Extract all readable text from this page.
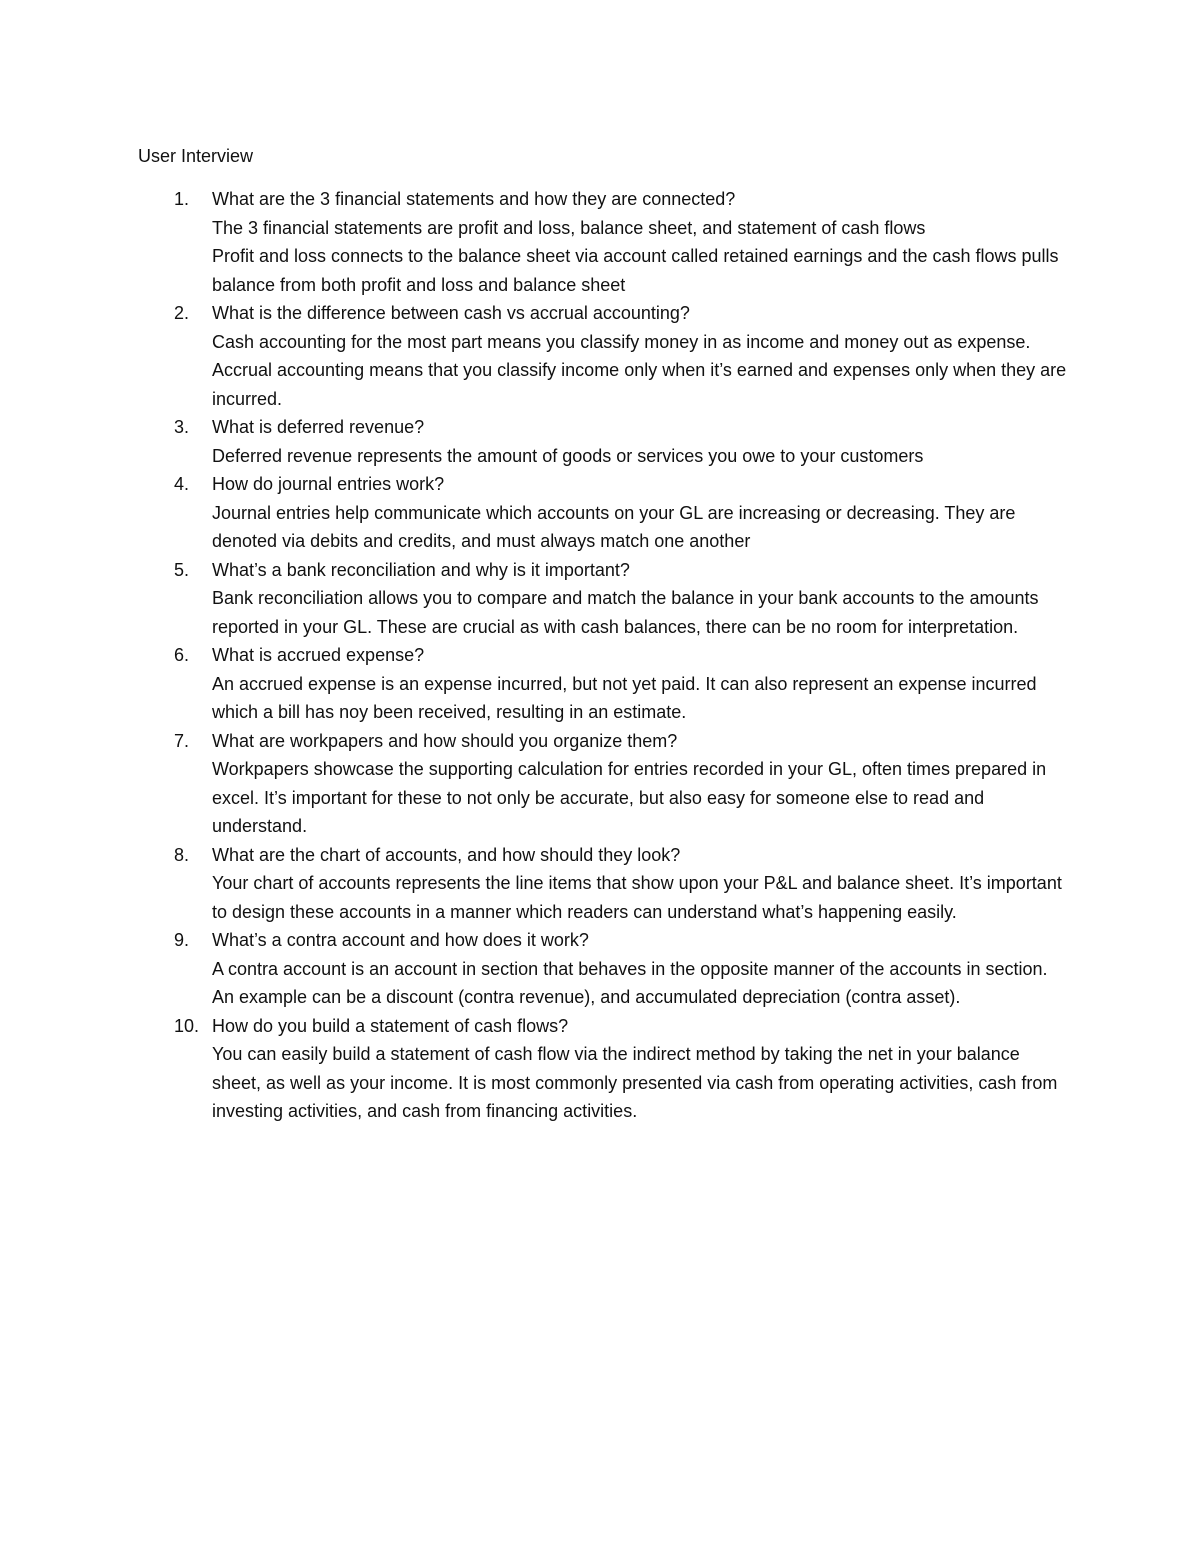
User Interview
1. What are the 3 financial statements and how they are connected?
The 3 financial statements are profit and loss, balance sheet, and statement of cash flows
Profit and loss connects to the balance sheet via account called retained earnings and the cash flows pulls balance from both profit and loss and balance sheet
2. What is the difference between cash vs accrual accounting?
Cash accounting for the most part means you classify money in as income and money out as expense. Accrual accounting means that you classify income only when it’s earned and expenses only when they are incurred.
3. What is deferred revenue?
Deferred revenue represents the amount of goods or services you owe to your customers
4. How do journal entries work?
Journal entries help communicate which accounts on your GL are increasing or decreasing. They are denoted via debits and credits, and must always match one another
5. What’s a bank reconciliation and why is it important?
Bank reconciliation allows you to compare and match the balance in your bank accounts to the amounts reported in your GL. These are crucial as with cash balances, there can be no room for interpretation.
6. What is accrued expense?
An accrued expense is an expense incurred, but not yet paid. It can also represent an expense incurred which a bill has noy been received, resulting in an estimate.
7. What are workpapers and how should you organize them?
Workpapers showcase the supporting calculation for entries recorded in your GL, often times prepared in excel. It’s important for these to not only be accurate, but also easy for someone else to read and understand.
8. What are the chart of accounts, and how should they look?
Your chart of accounts represents the line items that show upon your P&L and balance sheet. It’s important to design these accounts in a manner which readers can understand what’s happening easily.
9. What’s a contra account and how does it work?
A contra account is an account in section that behaves in the opposite manner of the accounts in section. An example can be a discount (contra revenue), and accumulated depreciation (contra asset).
10. How do you build a statement of cash flows?
You can easily build a statement of cash flow via the indirect method by taking the net in your balance sheet, as well as your income. It is most commonly presented via cash from operating activities, cash from investing activities, and cash from financing activities.
